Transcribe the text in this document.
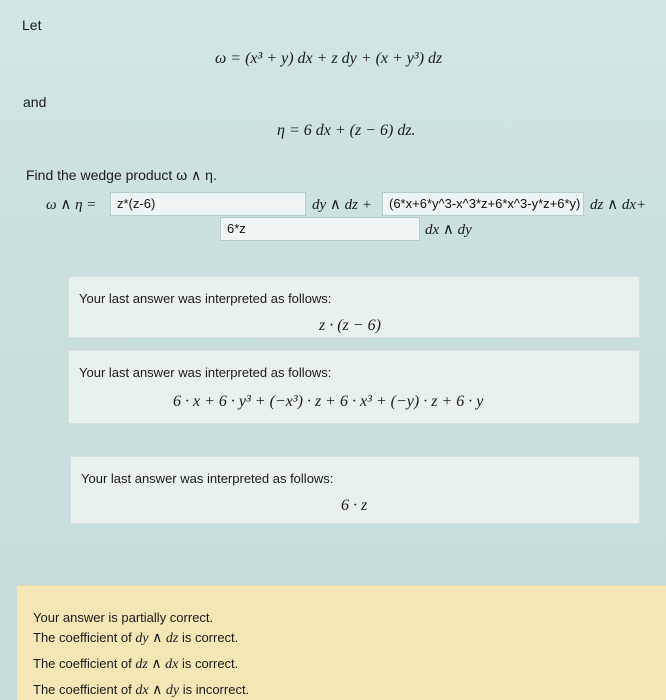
Let
ω = (x³ + y) dx + z dy + (x + y³) dz
and
η = 6 dx + (z − 6) dz.
Find the wedge product ω ∧ η.
ω ∧ η =	z*(z-6)	dy ∧ dz +	(6*x+6*y^3-x^3*z+6*x^3-y*z+6*y) dz ∧ dx+
6*z	dx ∧ dy
Your last answer was interpreted as follows:
z · (z − 6)
Your last answer was interpreted as follows:
6 · x + 6 · y³ + (−x³) · z + 6 · x³ + (−y) · z + 6 · y
Your last answer was interpreted as follows:
6 · z
Your answer is partially correct.
The coefficient of dy ∧ dz is correct.
The coefficient of dz ∧ dx is correct.
The coefficient of dx ∧ dy is incorrect.
